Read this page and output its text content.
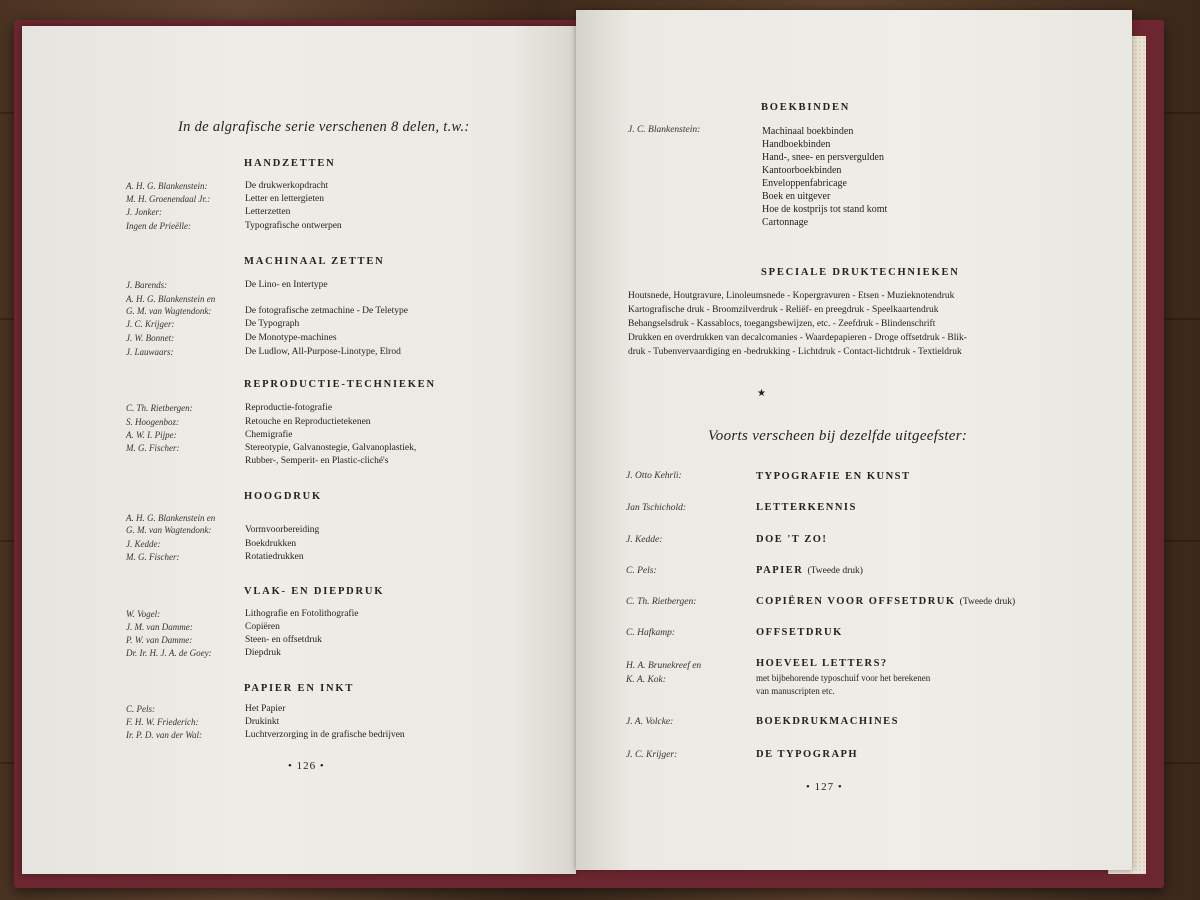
In de algrafische serie verschenen 8 delen, t.w.:
HANDZETTEN
A. H. G. Blankenstein:	De drukwerkopdracht
M. H. Groenendaal Jr.:	Letter en lettergieten
J. Jonker:	Letterzetten
Ingen de Prieëlle:	Typografische ontwerpen
MACHINAAL ZETTEN
J. Barends:	De Lino- en Intertype
A. H. G. Blankenstein en
G. M. van Wagtendonk:	De fotografische zetmachine - De Teletype
J. C. Krijger:	De Typograph
J. W. Bonnet:	De Monotype-machines
J. Lauwaars:	De Ludlow, All-Purpose-Linotype, Elrod
REPRODUCTIE-TECHNIEKEN
C. Th. Rietbergen:	Reproductie-fotografie
S. Hoogenboz:	Retouche en Reproductietekenen
A. W. I. Pijpe:	Chemigrafie
M. G. Fischer:	Stereotypie, Galvanostegie, Galvanoplastiek,
Rubber-, Semperit- en Plastic-cliché's
HOOGDRUK
A. H. G. Blankenstein en
G. M. van Wagtendonk:	Vormvoorbereiding
J. Kedde:	Boekdrukken
M. G. Fischer:	Rotatiedrukken
VLAK- EN DIEPDRUK
W. Vogel:	Lithografie en Fotolithografie
J. M. van Damme:	Copiëren
P. W. van Damme:	Steen- en offsetdruk
Dr. Ir. H. J. A. de Goey:	Diepdruk
PAPIER EN INKT
C. Pels:	Het Papier
F. H. W. Friederich:	Drukinkt
Ir. P. D. van der Wal:	Luchtverzorging in de grafische bedrijven
• 126 •
BOEKBINDEN
J. C. Blankenstein:	Machinaal boekbinden
Handboekbinden
Hand-, snee- en persvergulden
Kantoorboekbinden
Enveloppenfabricage
Boek en uitgever
Hoe de kostprijs tot stand komt
Cartonnage
SPECIALE DRUKTECHNIEKEN
Houtsnede, Houtgravure, Linoleumsnede - Kopergravuren - Etsen - Muzieknotendruk
Kartografische druk - Broomzilverdruk - Reliëf- en preegdruk - Speelkaartendruk
Behangselsdruk - Kassablocs, toegangsbewijzen, etc. - Zeefdruk - Blindenschrift
Drukken en overdrukken van decalcomanies - Waardepapieren - Droge offsetdruk - Blik-
druk - Tubenvervaardiging en -bedrukking - Lichtdruk - Contact-lichtdruk - Textieldruk
★
Voorts verscheen bij dezelfde uitgeefster:
J. Otto Kehrli:	TYPOGRAFIE EN KUNST
Jan Tschichold:	LETTERKENNIS
J. Kedde:	DOE 'T ZO!
C. Pels:	PAPIER (Tweede druk)
C. Th. Rietbergen:	COPIËREN VOOR OFFSETDRUK (Tweede druk)
C. Hafkamp:	OFFSETDRUK
H. A. Brunekreef en
K. A. Kok:
HOEVEEL LETTERS?
met bijbehorende typoschuif voor het berekenen
van manuscripten etc.
J. A. Volcke:	BOEKDRUKMACHINES
J. C. Krijger:	DE TYPOGRAPH
• 127 •
